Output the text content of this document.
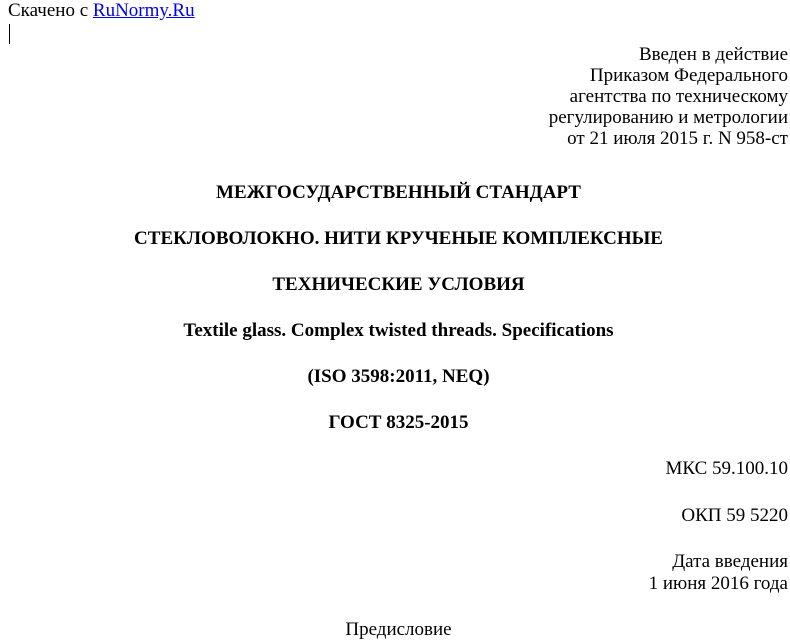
Скачено с RuNormy.Ru
Введен в действие
Приказом Федерального
агентства по техническому
регулированию и метрологии
от 21 июля 2015 г. N 958-ст
МЕЖГОСУДАРСТВЕННЫЙ СТАНДАРТ
СТЕКЛОВОЛОКНО. НИТИ КРУЧЕНЫЕ КОМПЛЕКСНЫЕ
ТЕХНИЧЕСКИЕ УСЛОВИЯ
Textile glass. Complex twisted threads. Specifications
(ISO 3598:2011, NEQ)
ГОСТ 8325-2015
МКС 59.100.10
ОКП 59 5220
Дата введения
1 июня 2016 года
Предисловие
